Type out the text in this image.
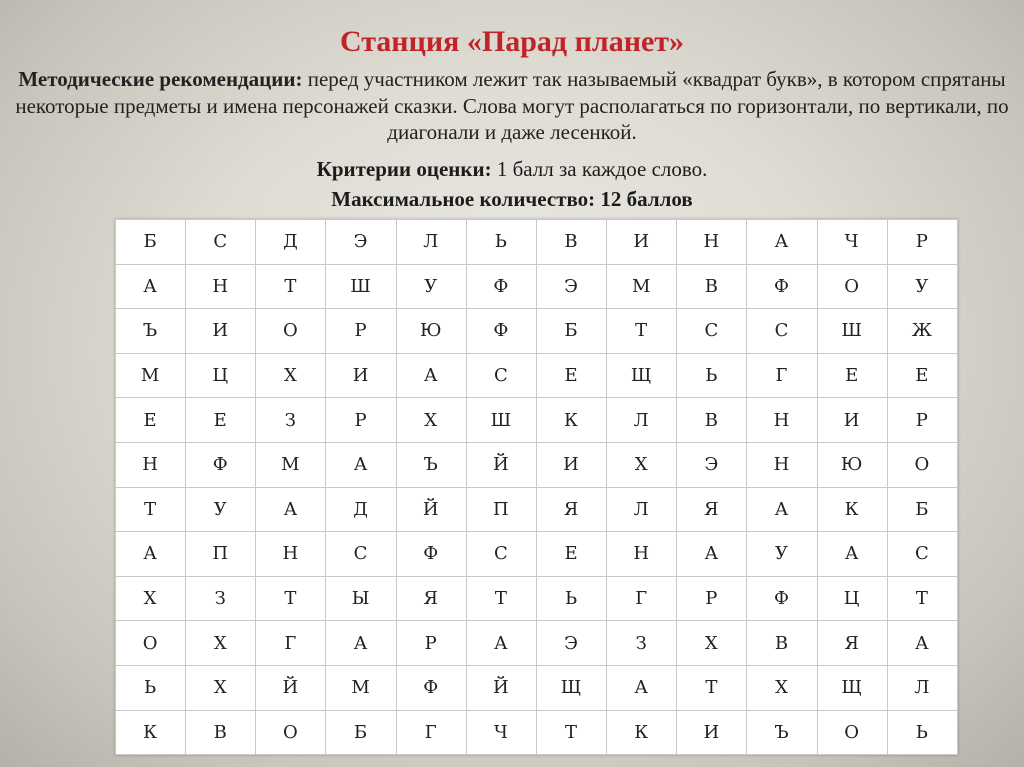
Станция «Парад планет»
Методические рекомендации: перед участником лежит так называемый «квадрат букв», в котором спрятаны некоторые предметы и имена персонажей сказки. Слова могут располагаться по горизонтали, по вертикали, по диагонали и даже лесенкой.
Критерии оценки: 1 балл за каждое слово.
Максимальное количество: 12 баллов
Б	С	Д	Э	Л	Ь	В	И	Н	А	Ч	Р
А	Н	Т	Ш	У	Ф	Э	М	В	Ф	О	У
Ъ	И	О	Р	Ю	Ф	Б	Т	С	С	Ш	Ж
М	Ц	Х	И	А	С	Е	Щ	Ь	Г	Е	Е
Е	Е	З	Р	Х	Ш	К	Л	В	Н	И	Р
Н	Ф	М	А	Ъ	Й	И	Х	Э	Н	Ю	О
Т	У	А	Д	Й	П	Я	Л	Я	А	К	Б
А	П	Н	С	Ф	С	Е	Н	А	У	А	С
Х	З	Т	Ы	Я	Т	Ь	Г	Р	Ф	Ц	Т
О	Х	Г	А	Р	А	Э	З	Х	В	Я	А
Ь	Х	Й	М	Ф	Й	Щ	А	Т	Х	Щ	Л
К	В	О	Б	Г	Ч	Т	К	И	Ъ	О	Ь
